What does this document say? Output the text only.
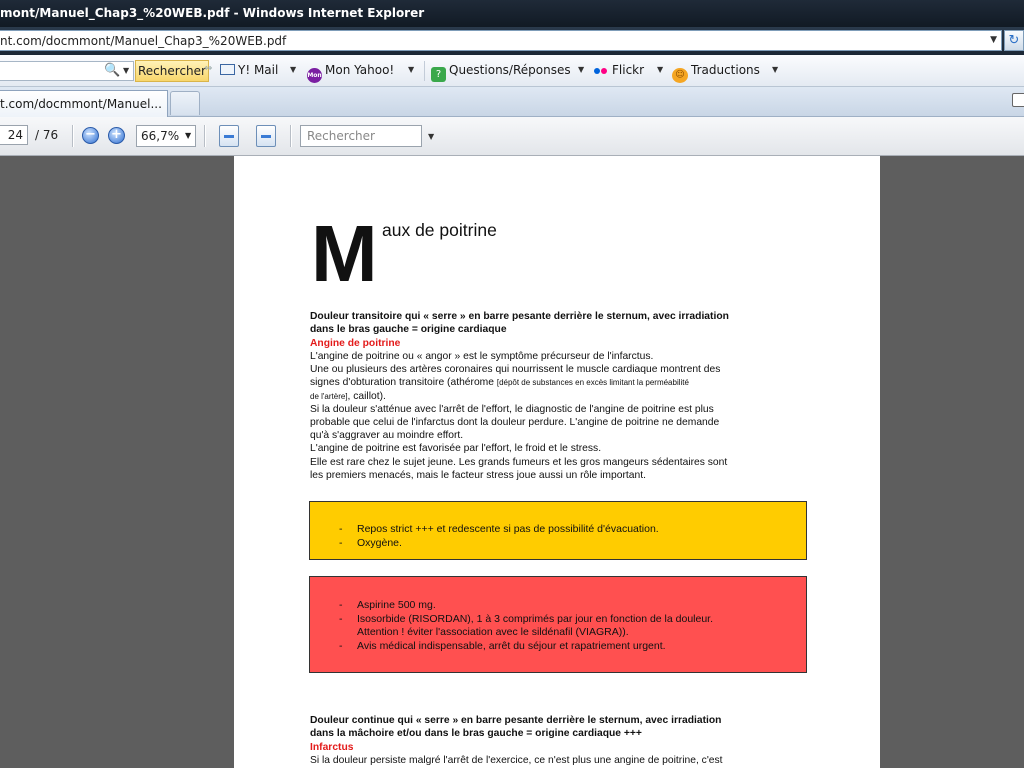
mont/Manuel_Chap3_%20WEB.pdf - Windows Internet Explorer
nt.com/docmmont/Manuel_Chap3_%20WEB.pdf	▼ ↻
🔍 ▼ Rechercher
⇔	Y! Mail ▼
Mon Mon Yahoo! ▼	? Questions/Réponses ▼	Flickr ▼
☺ Traductions ▼
t.com/docmmont/Manuel...
24	/ 76 − +	66,7% ▼	Rechercher	▼
M aux de poitrine
Douleur transitoire qui « serre » en barre pesante derrière le sternum, avec irradiation
dans le bras gauche = origine cardiaque
Angine de poitrine
L'angine de poitrine ou « angor » est le symptôme précurseur de l'infarctus.
Une ou plusieurs des artères coronaires qui nourrissent le muscle cardiaque montrent des
signes d'obturation transitoire (athérome [dépôt de substances en excès limitant la perméabilité
de l'artère], caillot).
Si la douleur s'atténue avec l'arrêt de l'effort, le diagnostic de l'angine de poitrine est plus
probable que celui de l'infarctus dont la douleur perdure. L'angine de poitrine ne demande
qu'à s'aggraver au moindre effort.
L'angine de poitrine est favorisée par l'effort, le froid et le stress.
Elle est rare chez le sujet jeune. Les grands fumeurs et les gros mangeurs sédentaires sont
les premiers menacés, mais le facteur stress joue aussi un rôle important.
- Repos strict +++ et redescente si pas de possibilité d'évacuation.
- Oxygène.
- Aspirine 500 mg.
- Isosorbide (RISORDAN), 1 à 3 comprimés par jour en fonction de la douleur.
Attention ! éviter l'association avec le sildénafil (VIAGRA)).
- Avis médical indispensable, arrêt du séjour et rapatriement urgent.
Douleur continue qui « serre » en barre pesante derrière le sternum, avec irradiation
dans la mâchoire et/ou dans le bras gauche = origine cardiaque +++
Infarctus
Si la douleur persiste malgré l'arrêt de l'exercice, ce n'est plus une angine de poitrine, c'est
